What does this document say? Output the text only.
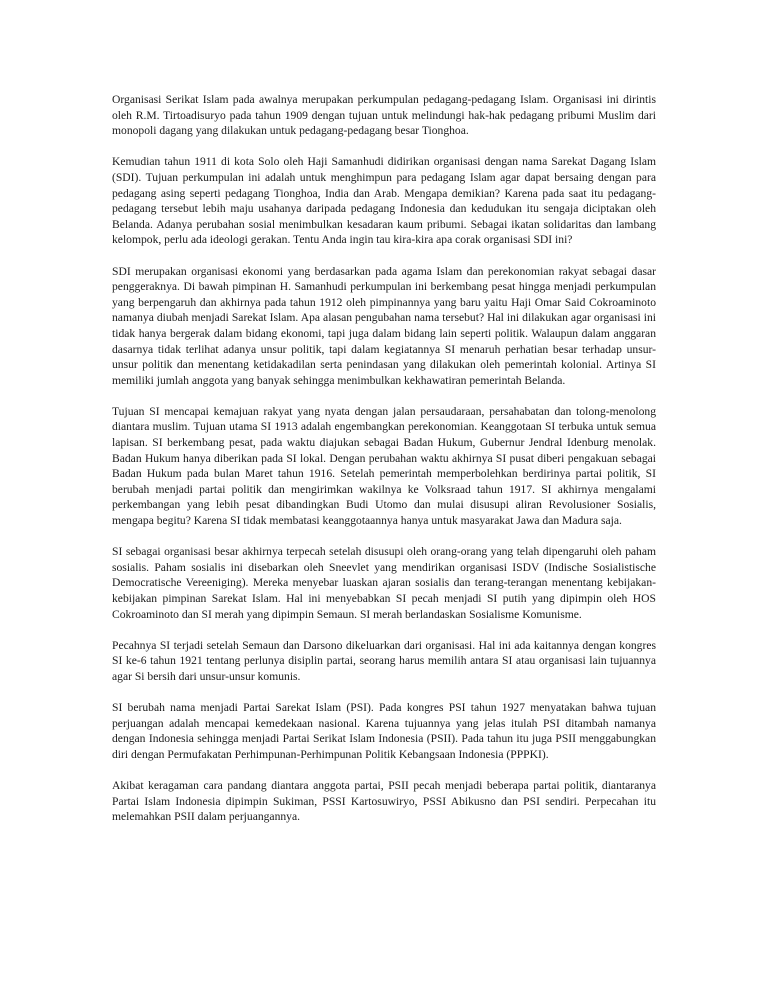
Organisasi Serikat Islam pada awalnya merupakan perkumpulan pedagang-pedagang Islam. Organisasi ini dirintis oleh R.M. Tirtoadisuryo pada tahun 1909 dengan tujuan untuk melindungi hak-hak pedagang pribumi Muslim dari monopoli dagang yang dilakukan untuk pedagang-pedagang besar Tionghoa.

Kemudian tahun 1911 di kota Solo oleh Haji Samanhudi didirikan organisasi dengan nama Sarekat Dagang Islam (SDI). Tujuan perkumpulan ini adalah untuk menghimpun para pedagang Islam agar dapat bersaing dengan para pedagang asing seperti pedagang Tionghoa, India dan Arab. Mengapa demikian? Karena pada saat itu pedagang-pedagang tersebut lebih maju usahanya daripada pedagang Indonesia dan kedudukan itu sengaja diciptakan oleh Belanda. Adanya perubahan sosial menimbulkan kesadaran kaum pribumi. Sebagai ikatan solidaritas dan lambang kelompok, perlu ada ideologi gerakan. Tentu Anda ingin tau kira-kira apa corak organisasi SDI ini?

SDI merupakan organisasi ekonomi yang berdasarkan pada agama Islam dan perekonomian rakyat sebagai dasar penggeraknya. Di bawah pimpinan H. Samanhudi perkumpulan ini berkembang pesat hingga menjadi perkumpulan yang berpengaruh dan akhirnya pada tahun 1912 oleh pimpinannya yang baru yaitu Haji Omar Said Cokroaminoto namanya diubah menjadi Sarekat Islam. Apa alasan pengubahan nama tersebut? Hal ini dilakukan agar organisasi ini tidak hanya bergerak dalam bidang ekonomi, tapi juga dalam bidang lain seperti politik. Walaupun dalam anggaran dasarnya tidak terlihat adanya unsur politik, tapi dalam kegiatannya SI menaruh perhatian besar terhadap unsur-unsur politik dan menentang ketidakadilan serta penindasan yang dilakukan oleh pemerintah kolonial. Artinya SI memiliki jumlah anggota yang banyak sehingga menimbulkan kekhawatiran pemerintah Belanda.

Tujuan SI mencapai kemajuan rakyat yang nyata dengan jalan persaudaraan, persahabatan dan tolong-menolong diantara muslim. Tujuan utama SI 1913 adalah engembangkan perekonomian. Keanggotaan SI terbuka untuk semua lapisan. SI berkembang pesat, pada waktu diajukan sebagai Badan Hukum, Gubernur Jendral Idenburg menolak. Badan Hukum hanya diberikan pada SI lokal. Dengan perubahan waktu akhirnya SI pusat diberi pengakuan sebagai Badan Hukum pada bulan Maret tahun 1916. Setelah pemerintah memperbolehkan berdirinya partai politik, SI berubah menjadi partai politik dan mengirimkan wakilnya ke Volksraad tahun 1917. SI akhirnya mengalami perkembangan yang lebih pesat dibandingkan Budi Utomo dan mulai disusupi aliran Revolusioner Sosialis, mengapa begitu? Karena SI tidak membatasi keanggotaannya hanya untuk masyarakat Jawa dan Madura saja.

SI sebagai organisasi besar akhirnya terpecah setelah disusupi oleh orang-orang yang telah dipengaruhi oleh paham sosialis. Paham sosialis ini disebarkan oleh Sneevlet yang mendirikan organisasi ISDV (Indische Sosialistische Democratische Vereeniging). Mereka menyebar luaskan ajaran sosialis dan terang-terangan menentang kebijakan-kebijakan pimpinan Sarekat Islam. Hal ini menyebabkan SI pecah menjadi SI putih yang dipimpin oleh HOS Cokroaminoto dan SI merah yang dipimpin Semaun. SI merah berlandaskan Sosialisme Komunisme.

Pecahnya SI terjadi setelah Semaun dan Darsono dikeluarkan dari organisasi. Hal ini ada kaitannya dengan kongres SI ke-6 tahun 1921 tentang perlunya disiplin partai, seorang harus memilih antara SI atau organisasi lain tujuannya agar Si bersih dari unsur-unsur komunis.

SI berubah nama menjadi Partai Sarekat Islam (PSI). Pada kongres PSI tahun 1927 menyatakan bahwa tujuan perjuangan adalah mencapai kemedekaan nasional. Karena tujuannya yang jelas itulah PSI ditambah namanya dengan Indonesia sehingga menjadi Partai Serikat Islam Indonesia (PSII). Pada tahun itu juga PSII menggabungkan diri dengan Permufakatan Perhimpunan-Perhimpunan Politik Kebangsaan Indonesia (PPPKI).

Akibat keragaman cara pandang diantara anggota partai, PSII pecah menjadi beberapa partai politik, diantaranya Partai Islam Indonesia dipimpin Sukiman, PSSI Kartosuwiryo, PSSI Abikusno dan PSI sendiri. Perpecahan itu melemahkan PSII dalam perjuangannya.
